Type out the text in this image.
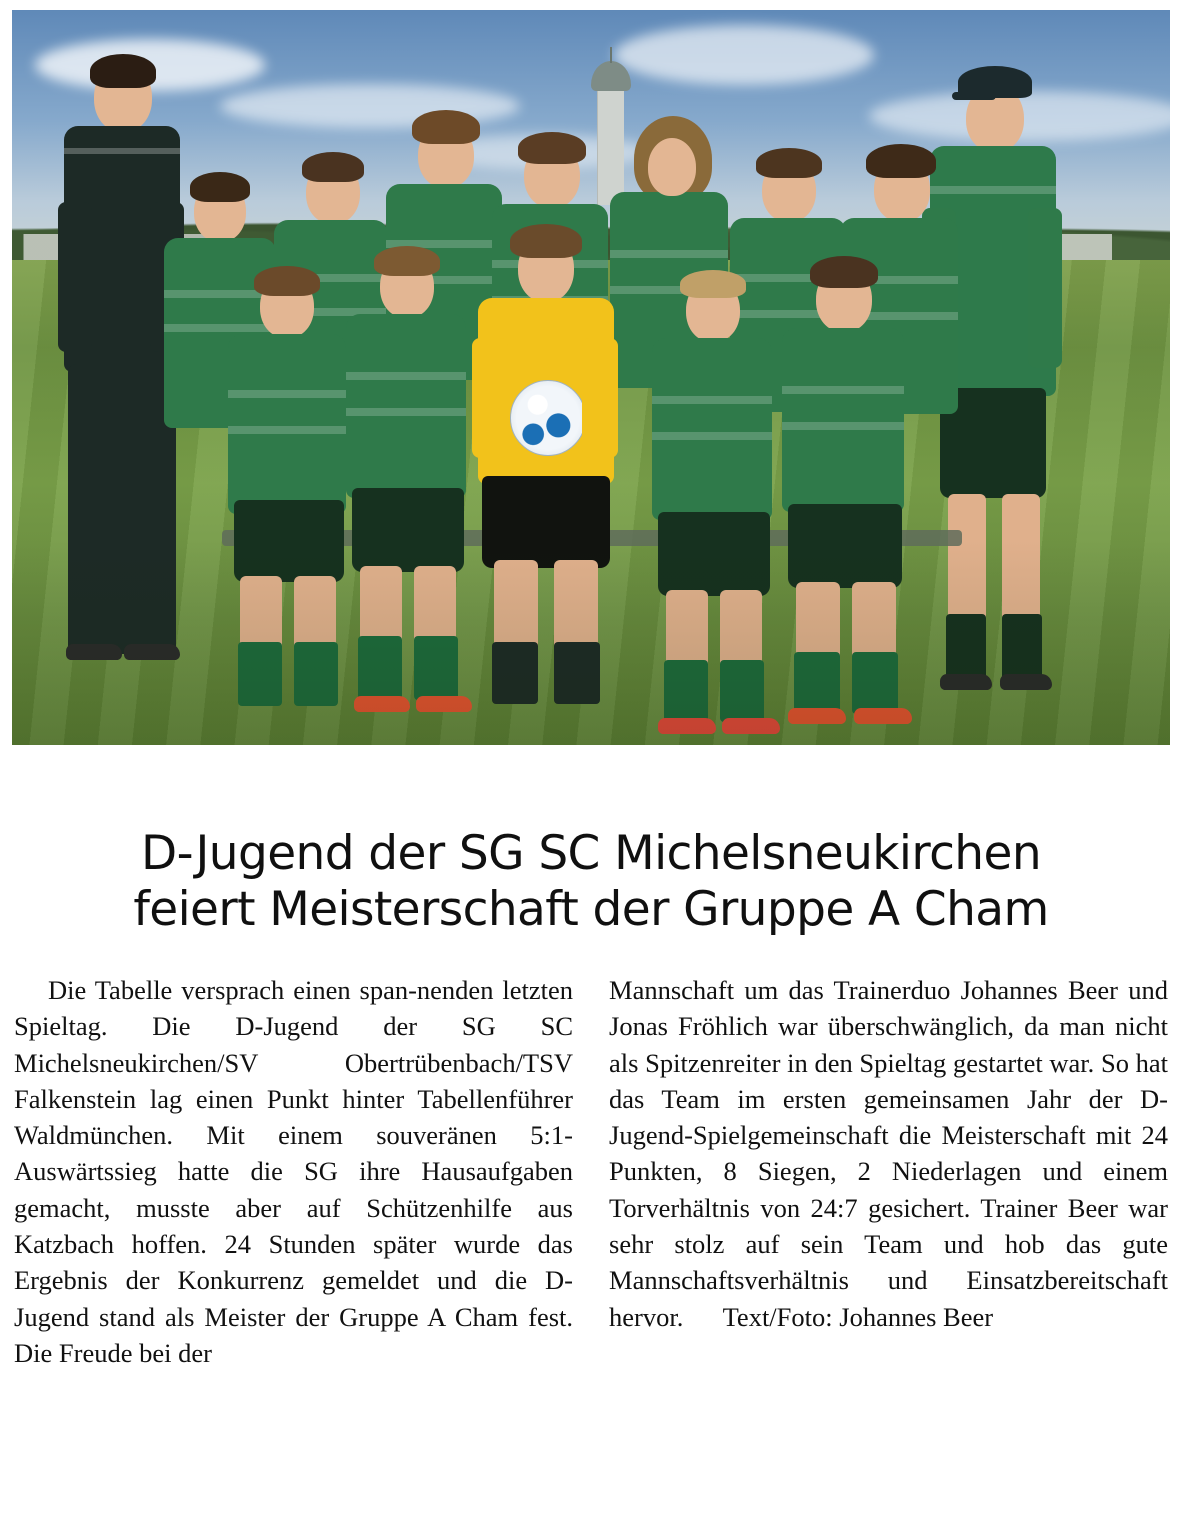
D-Jugend der SG SC Michelsneukirchen
feiert Meisterschaft der Gruppe A Cham

Die Tabelle versprach einen span-nenden letzten Spieltag. Die D-Jugend der SG SC Michelsneukirchen/SV Obertrübenbach/TSV Falkenstein lag einen Punkt hinter Tabellenführer Waldmünchen. Mit einem souveränen 5:1-Auswärtssieg hatte die SG ihre Hausaufgaben gemacht, musste aber auf Schützenhilfe aus Katzbach hoffen. 24 Stunden später wurde das Ergebnis der Konkurrenz gemeldet und die D-Jugend stand als Meister der Gruppe A Cham fest. Die Freude bei der

Mannschaft um das Trainerduo Johannes Beer und Jonas Fröhlich war überschwänglich, da man nicht als Spitzenreiter in den Spieltag gestartet war. So hat das Team im ersten gemeinsamen Jahr der D-Jugend-Spielgemeinschaft die Meisterschaft mit 24 Punkten, 8 Siegen, 2 Niederlagen und einem Torverhältnis von 24:7 gesichert. Trainer Beer war sehr stolz auf sein Team und hob das gute Mannschaftsverhältnis und Einsatzbereitschaft hervor.      Text/Foto: Johannes Beer
